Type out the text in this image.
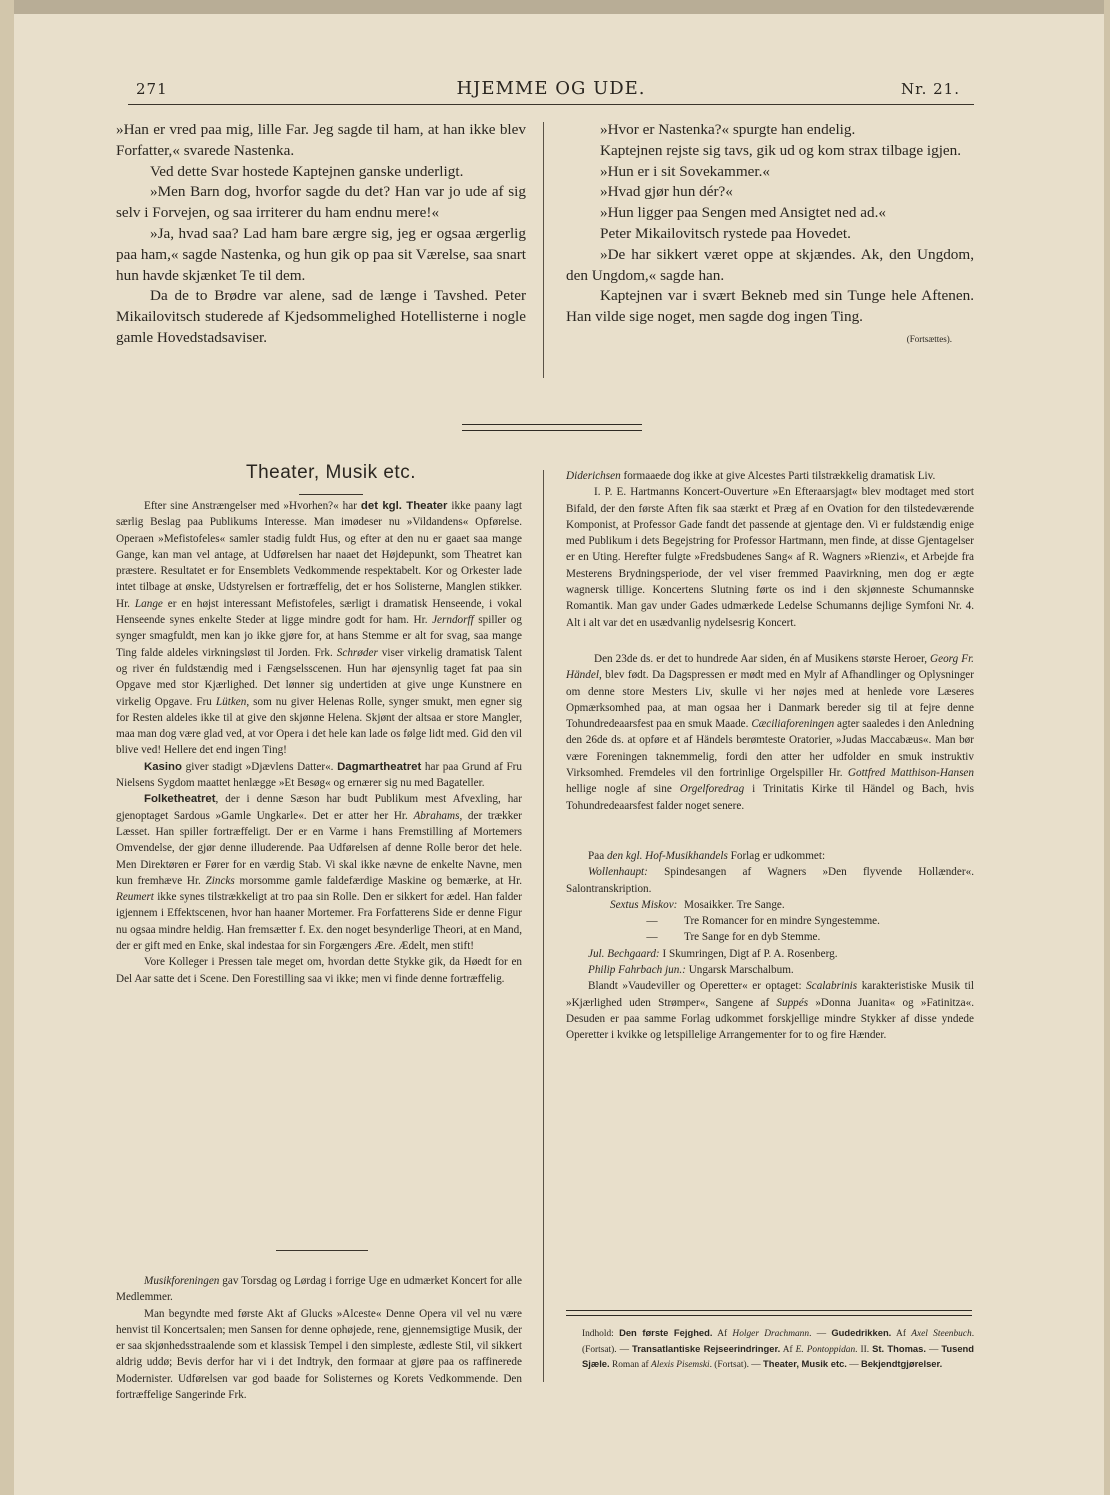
271	HJEMME OG UDE.	Nr. 21.

»Han er vred paa mig, lille Far. Jeg sagde til ham, at han ikke blev Forfatter,« svarede Nastenka.

Ved dette Svar hostede Kaptejnen ganske underligt.

»Men Barn dog, hvorfor sagde du det? Han var jo ude af sig selv i Forvejen, og saa irriterer du ham endnu mere!«

»Ja, hvad saa? Lad ham bare ærgre sig, jeg er ogsaa ærgerlig paa ham,« sagde Nastenka, og hun gik op paa sit Værelse, saa snart hun havde skjænket Te til dem.

Da de to Brødre var alene, sad de længe i Tavshed. Peter Mikailovitsch studerede af Kjedsommelighed Hotellisterne i nogle gamle Hovedstadsaviser.

»Hvor er Nastenka?« spurgte han endelig.

Kaptejnen rejste sig tavs, gik ud og kom strax tilbage igjen.

»Hun er i sit Sovekammer.«

»Hvad gjør hun dér?«

»Hun ligger paa Sengen med Ansigtet ned ad.«

Peter Mikailovitsch rystede paa Hovedet.

»De har sikkert været oppe at skjændes. Ak, den Ungdom, den Ungdom,« sagde han.

Kaptejnen var i svært Bekneb med sin Tunge hele Aftenen. Han vilde sige noget, men sagde dog ingen Ting.

(Fortsættes).
Theater, Musik etc.

Efter sine Anstrængelser med »Hvorhen?« har det kgl. Theater ikke paany lagt særlig Beslag paa Publikums Interesse. Man imødeser nu »Vildandens« Opførelse. Operaen »Mefistofeles« samler stadig fuldt Hus, og efter at den nu er gaaet saa mange Gange, kan man vel antage, at Udførelsen har naaet det Højdepunkt, som Theatret kan præstere. Resultatet er for Ensemblets Vedkommende respektabelt. Kor og Orkester lade intet tilbage at ønske, Udstyrelsen er fortræffelig, det er hos Solisterne, Manglen stikker. Hr. Lange er en højst interessant Mefistofeles, særligt i dramatisk Henseende, i vokal Henseende synes enkelte Steder at ligge mindre godt for ham. Hr. Jerndorff spiller og synger smagfuldt, men kan jo ikke gjøre for, at hans Stemme er alt for svag, saa mange Ting falde aldeles virkningsløst til Jorden. Frk. Schrøder viser virkelig dramatisk Talent og river én fuldstændig med i Fængselsscenen. Hun har øjensynlig taget fat paa sin Opgave med stor Kjærlighed. Det lønner sig undertiden at give unge Kunstnere en virkelig Opgave. Fru Lütken, som nu giver Helenas Rolle, synger smukt, men egner sig for Resten aldeles ikke til at give den skjønne Helena. Skjønt der altsaa er store Mangler, maa man dog være glad ved, at vor Opera i det hele kan lade os følge lidt med. Gid den vil blive ved! Hellere det end ingen Ting!

Kasino giver stadigt »Djævlens Datter«. Dagmartheatret har paa Grund af Fru Nielsens Sygdom maattet henlægge »Et Besøg« og ernærer sig nu med Bagateller.

Folketheatret, der i denne Sæson har budt Publikum mest Afvexling, har gjenoptaget Sardous »Gamle Ungkarle«. Det er atter her Hr. Abrahams, der trækker Læsset. Han spiller fortræffeligt. Der er en Varme i hans Fremstilling af Mortemers Omvendelse, der gjør denne illuderende. Paa Udførelsen af denne Rolle beror det hele. Men Direktøren er Fører for en værdig Stab. Vi skal ikke nævne de enkelte Navne, men kun fremhæve Hr. Zincks morsomme gamle faldefærdige Maskine og bemærke, at Hr. Reumert ikke synes tilstrækkeligt at tro paa sin Rolle. Den er sikkert for ædel. Han falder igjennem i Effektscenen, hvor han haaner Mortemer. Fra Forfatterens Side er denne Figur nu ogsaa mindre heldig. Han fremsætter f. Ex. den noget besynderlige Theori, at en Mand, der er gift med en Enke, skal indestaa for sin Forgængers Ære. Ædelt, men stift!

Vore Kolleger i Pressen tale meget om, hvordan dette Stykke gik, da Høedt for en Del Aar satte det i Scene. Den Forestilling saa vi ikke; men vi finde denne fortræffelig.

Musikforeningen gav Torsdag og Lørdag i forrige Uge en udmærket Koncert for alle Medlemmer.

Man begyndte med første Akt af Glucks »Alceste« Denne Opera vil vel nu være henvist til Koncertsalen; men Sansen for denne ophøjede, rene, gjennemsigtige Musik, der er saa skjønhedsstraalende som et klassisk Tempel i den simpleste, ædleste Stil, vil sikkert aldrig uddø; Bevis derfor har vi i det Indtryk, den formaar at gjøre paa os raffinerede Modernister. Udførelsen var god baade for Solisternes og Korets Vedkommende. Den fortræffelige Sangerinde Frk.

Diderichsen formaaede dog ikke at give Alcestes Parti tilstrækkelig dramatisk Liv.

I. P. E. Hartmanns Koncert-Ouverture »En Efteraarsjagt« blev modtaget med stort Bifald, der den første Aften fik saa stærkt et Præg af en Ovation for den tilstedeværende Komponist, at Professor Gade fandt det passende at gjentage den. Vi er fuldstændig enige med Publikum i dets Begejstring for Professor Hartmann, men finde, at disse Gjentagelser er en Uting. Herefter fulgte »Fredsbudenes Sang« af R. Wagners »Rienzi«, et Arbejde fra Mesterens Brydningsperiode, der vel viser fremmed Paavirkning, men dog er ægte wagnersk tillige. Koncertens Slutning førte os ind i den skjønneste Schumannske Romantik. Man gav under Gades udmærkede Ledelse Schumanns dejlige Symfoni Nr. 4. Alt i alt var det en usædvanlig nydelsesrig Koncert.

Den 23de ds. er det to hundrede Aar siden, én af Musikens største Heroer, Georg Fr. Händel, blev født. Da Dagspressen er mødt med en Mylr af Afhandlinger og Oplysninger om denne store Mesters Liv, skulle vi her nøjes med at henlede vore Læseres Opmærksomhed paa, at man ogsaa her i Danmark bereder sig til at fejre denne Tohundredeaarsfest paa en smuk Maade. Cæciliaforeningen agter saaledes i den Anledning den 26de ds. at opføre et af Händels berømteste Oratorier, »Judas Maccabæus«. Man bør være Foreningen taknemmelig, fordi den atter her udfolder en smuk instruktiv Virksomhed. Fremdeles vil den fortrinlige Orgelspiller Hr. Gottfred Matthison-Hansen hellige nogle af sine Orgelforedrag i Trinitatis Kirke til Händel og Bach, hvis Tohundredeaarsfest falder noget senere.

Paa den kgl. Hof-Musikhandels Forlag er udkommet:

Wollenhaupt: Spindesangen af Wagners »Den flyvende Hollænder«. Salontranskription.

Sextus Miskov: Mosaikker. Tre Sange.

— Tre Romancer for en mindre Syngestemme.

— Tre Sange for en dyb Stemme.

Jul. Bechgaard: I Skumringen, Digt af P. A. Rosenberg.

Philip Fahrbach jun.: Ungarsk Marschalbum.

Blandt »Vaudeviller og Operetter« er optaget: Scalabrinis karakteristiske Musik til »Kjærlighed uden Strømper«, Sangene af Suppés »Donna Juanita« og »Fatinitza«. Desuden er paa samme Forlag udkommet forskjellige mindre Stykker af disse yndede Operetter i kvikke og letspillelige Arrangementer for to og fire Hænder.

Indhold: Den første Fejghed. Af Holger Drachmann. — Gudedrikken. Af Axel Steenbuch. (Fortsat). — Transatlantiske Rejseerindringer. Af E. Pontoppidan. II. St. Thomas. — Tusend Sjæle. Roman af Alexis Pisemski. (Fortsat). — Theater, Musik etc. — Bekjendtgjørelser.
